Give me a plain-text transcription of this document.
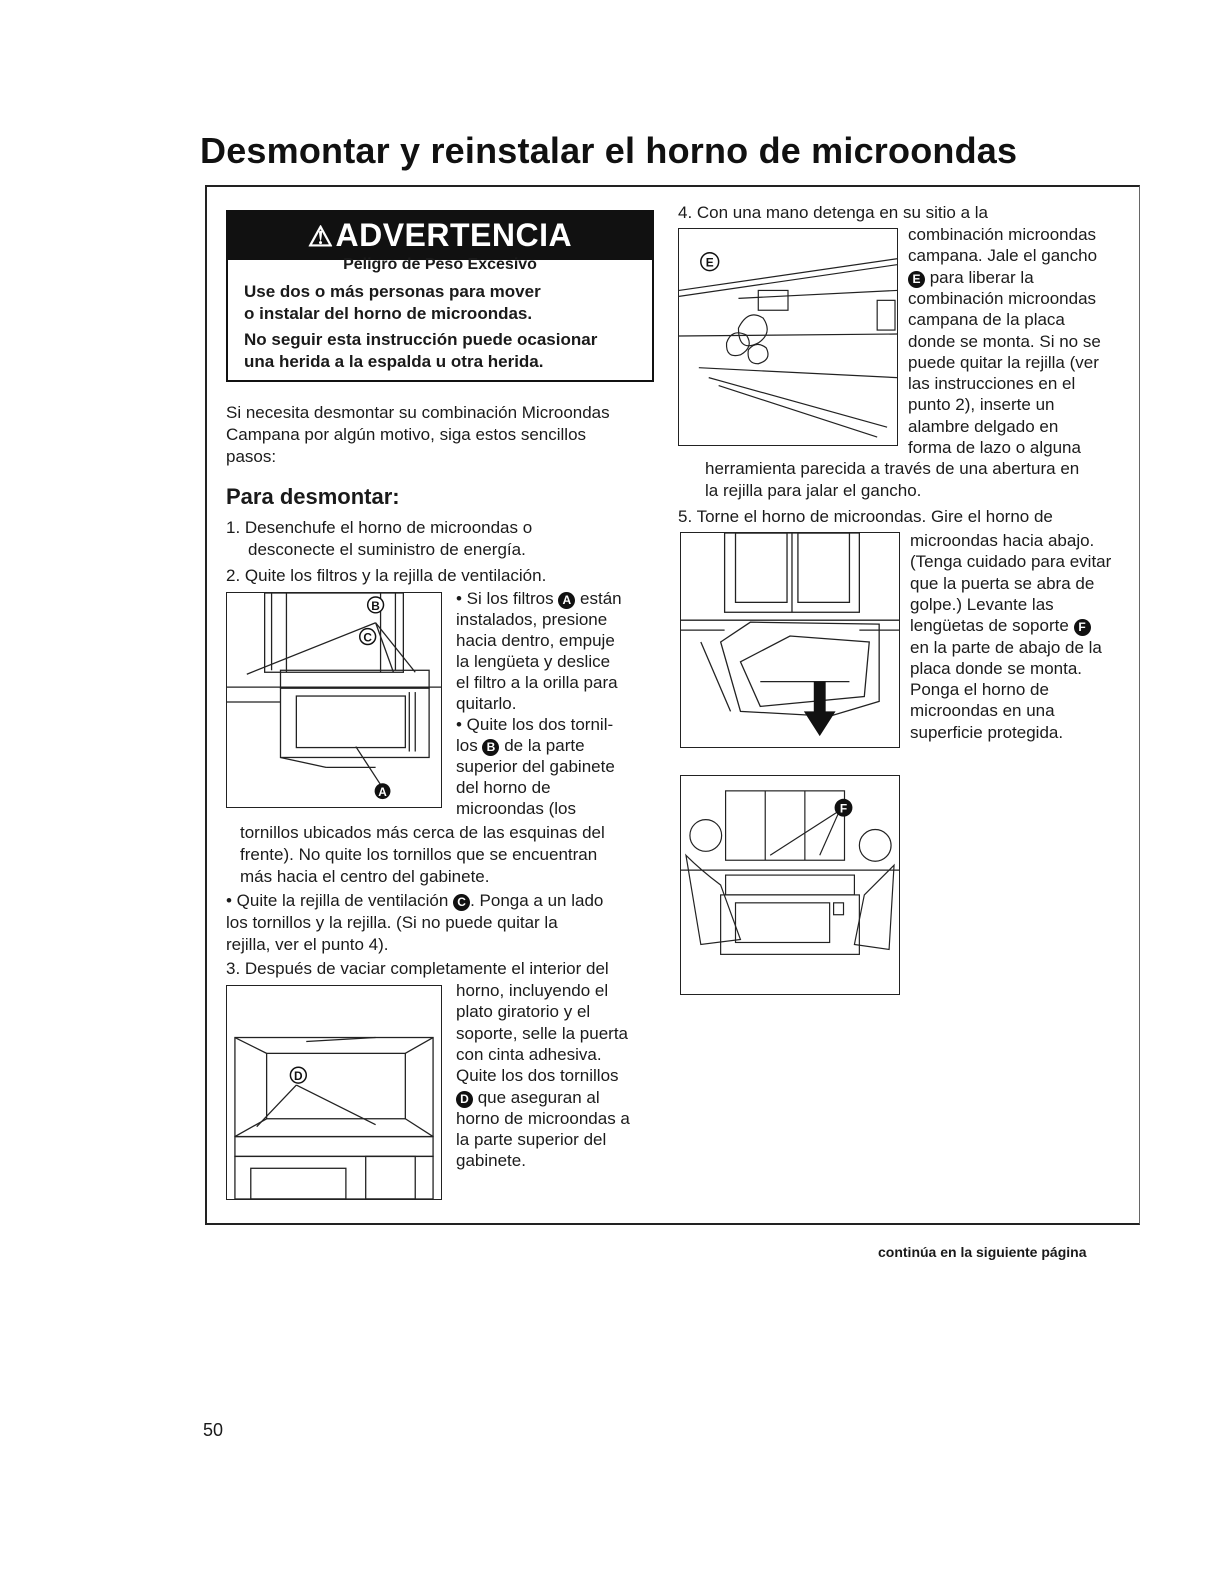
Desmontar y reinstalar el horno de microondas
⚠ADVERTENCIA
Peligro de Peso Excesivo
Use dos o más personas para mover
o instalar del horno de microondas.
No seguir esta instrucción puede ocasionar
una herida a la espalda u otra herida.
Si necesita desmontar su combinación Microondas
Campana por algún motivo, siga estos sencillos
pasos:
Para desmontar:
1. Desenchufe el horno de microondas o
desconecte el suministro de energía.
2. Quite los filtros y la rejilla de ventilación.
• Si los filtros A están
instalados, presione
hacia dentro, empuje
la lengüeta y deslice
el filtro a la orilla para
quitarlo.
• Quite los dos tornil-
los B de la parte
superior del gabinete
del horno de
microondas (los
tornillos ubicados más cerca de las esquinas del
frente). No quite los tornillos que se encuentran
más hacia el centro del gabinete.
• Quite la rejilla de ventilación C . Ponga a un lado
los tornillos y la rejilla. (Si no puede quitar la
rejilla, ver el punto 4).
B
C
A
3. Después de vaciar completamente el interior del
horno, incluyendo el
plato giratorio y el
soporte, selle la puerta
con cinta adhesiva.
Quite los dos tornillos
D que aseguran al
horno de microondas a
la parte superior del
gabinete.
D
4. Con una mano detenga en su sitio a la
combinación microondas
campana. Jale el gancho
E para liberar la
combinación microondas
campana de la placa
donde se monta. Si no se
puede quitar la rejilla (ver
las instrucciones en el
punto 2), inserte un
alambre delgado en
forma de lazo o alguna
herramienta parecida a través de una abertura en
la rejilla para jalar el gancho.
E
5. Torne el horno de microondas. Gire el horno de
microondas hacia abajo.
(Tenga cuidado para evitar
que la puerta se abra de
golpe.) Levante las
lengüetas de soporte F
en la parte de abajo de la
placa donde se monta.
Ponga el horno de
microondas en una
superficie protegida.
F
continúa en la siguiente página
50
